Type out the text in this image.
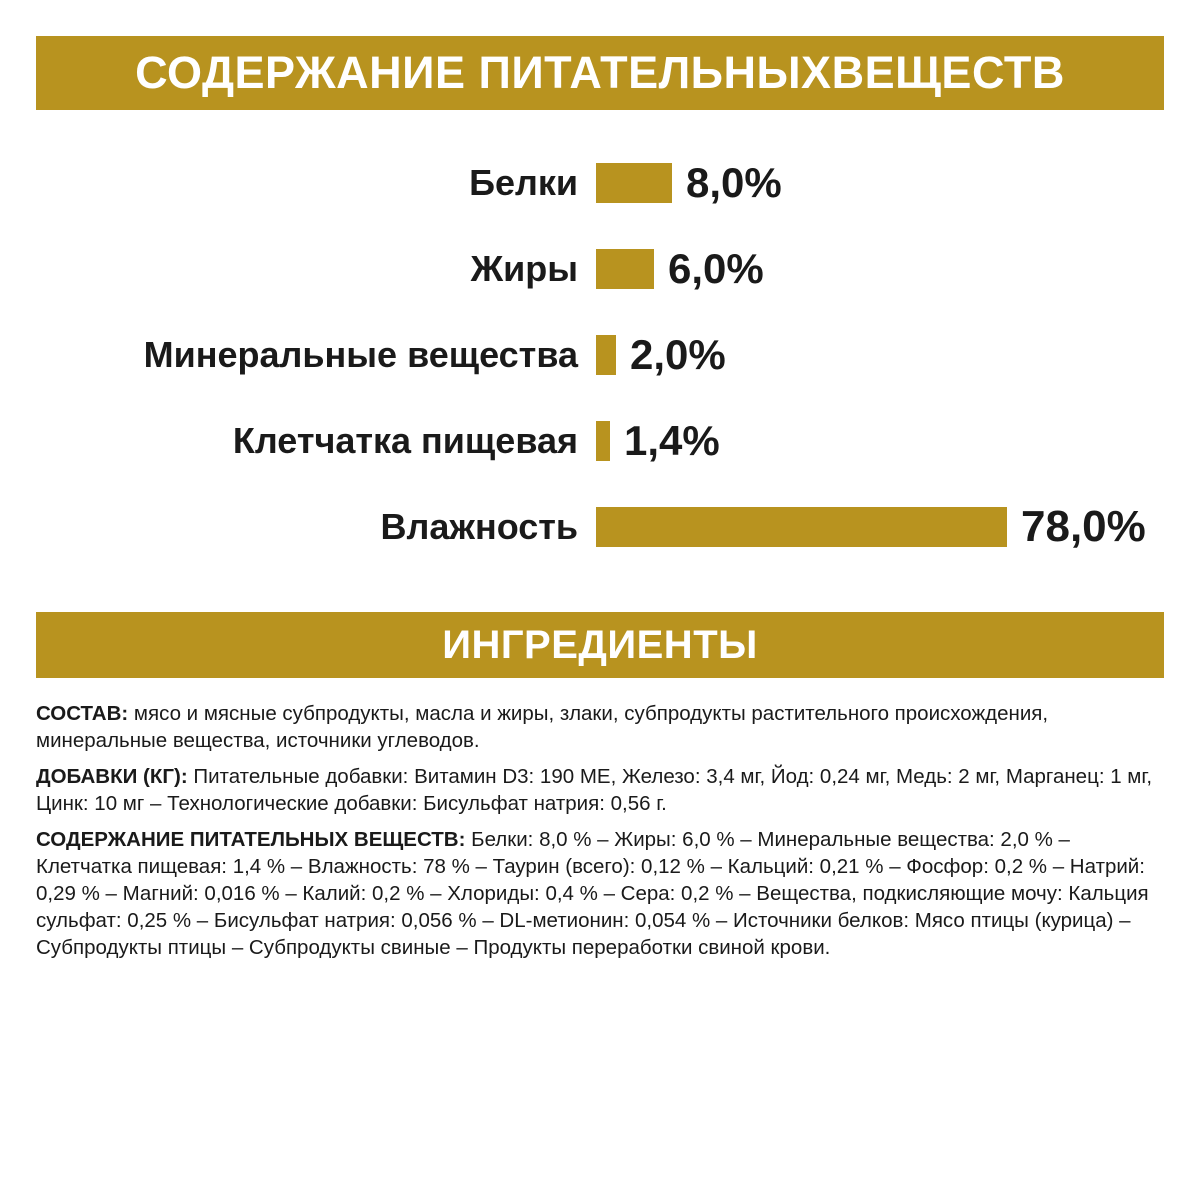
СОДЕРЖАНИЕ ПИТАТЕЛЬНЫХВЕЩЕСТВ
Белки	8,0%
Жиры	6,0%
Минеральные вещества	2,0%
Клетчатка пищевая	1,4%
Влажность	78,0%
ИНГРЕДИЕНТЫ

СОСТАВ: мясо и мясные субпродукты, масла и жиры, злаки, субпродукты растительного происхождения, минеральные вещества, источники углеводов.

ДОБАВКИ (КГ): Питательные добавки: Витамин D3: 190 МЕ, Железо: 3,4 мг, Йод: 0,24 мг, Медь: 2 мг, Марганец: 1 мг, Цинк: 10 мг – Технологические добавки: Бисульфат натрия: 0,56 г.

СОДЕРЖАНИЕ ПИТАТЕЛЬНЫХ ВЕЩЕСТВ: Белки: 8,0 % – Жиры: 6,0 % – Минеральные вещества: 2,0 % – Клетчатка пищевая: 1,4 % – Влажность: 78 % – Таурин (всего): 0,12 % – Кальций: 0,21 % – Фосфор: 0,2 % – Натрий: 0,29 % – Магний: 0,016 % – Калий: 0,2 % – Хлориды: 0,4 % – Сера: 0,2 % – Вещества, подкисляющие мочу: Кальция сульфат: 0,25 % – Бисульфат натрия: 0,056 % – DL-метионин: 0,054 % – Источники белков: Мясо птицы (курица) – Субпродукты птицы – Субпродукты свиные – Продукты переработки свиной крови.
